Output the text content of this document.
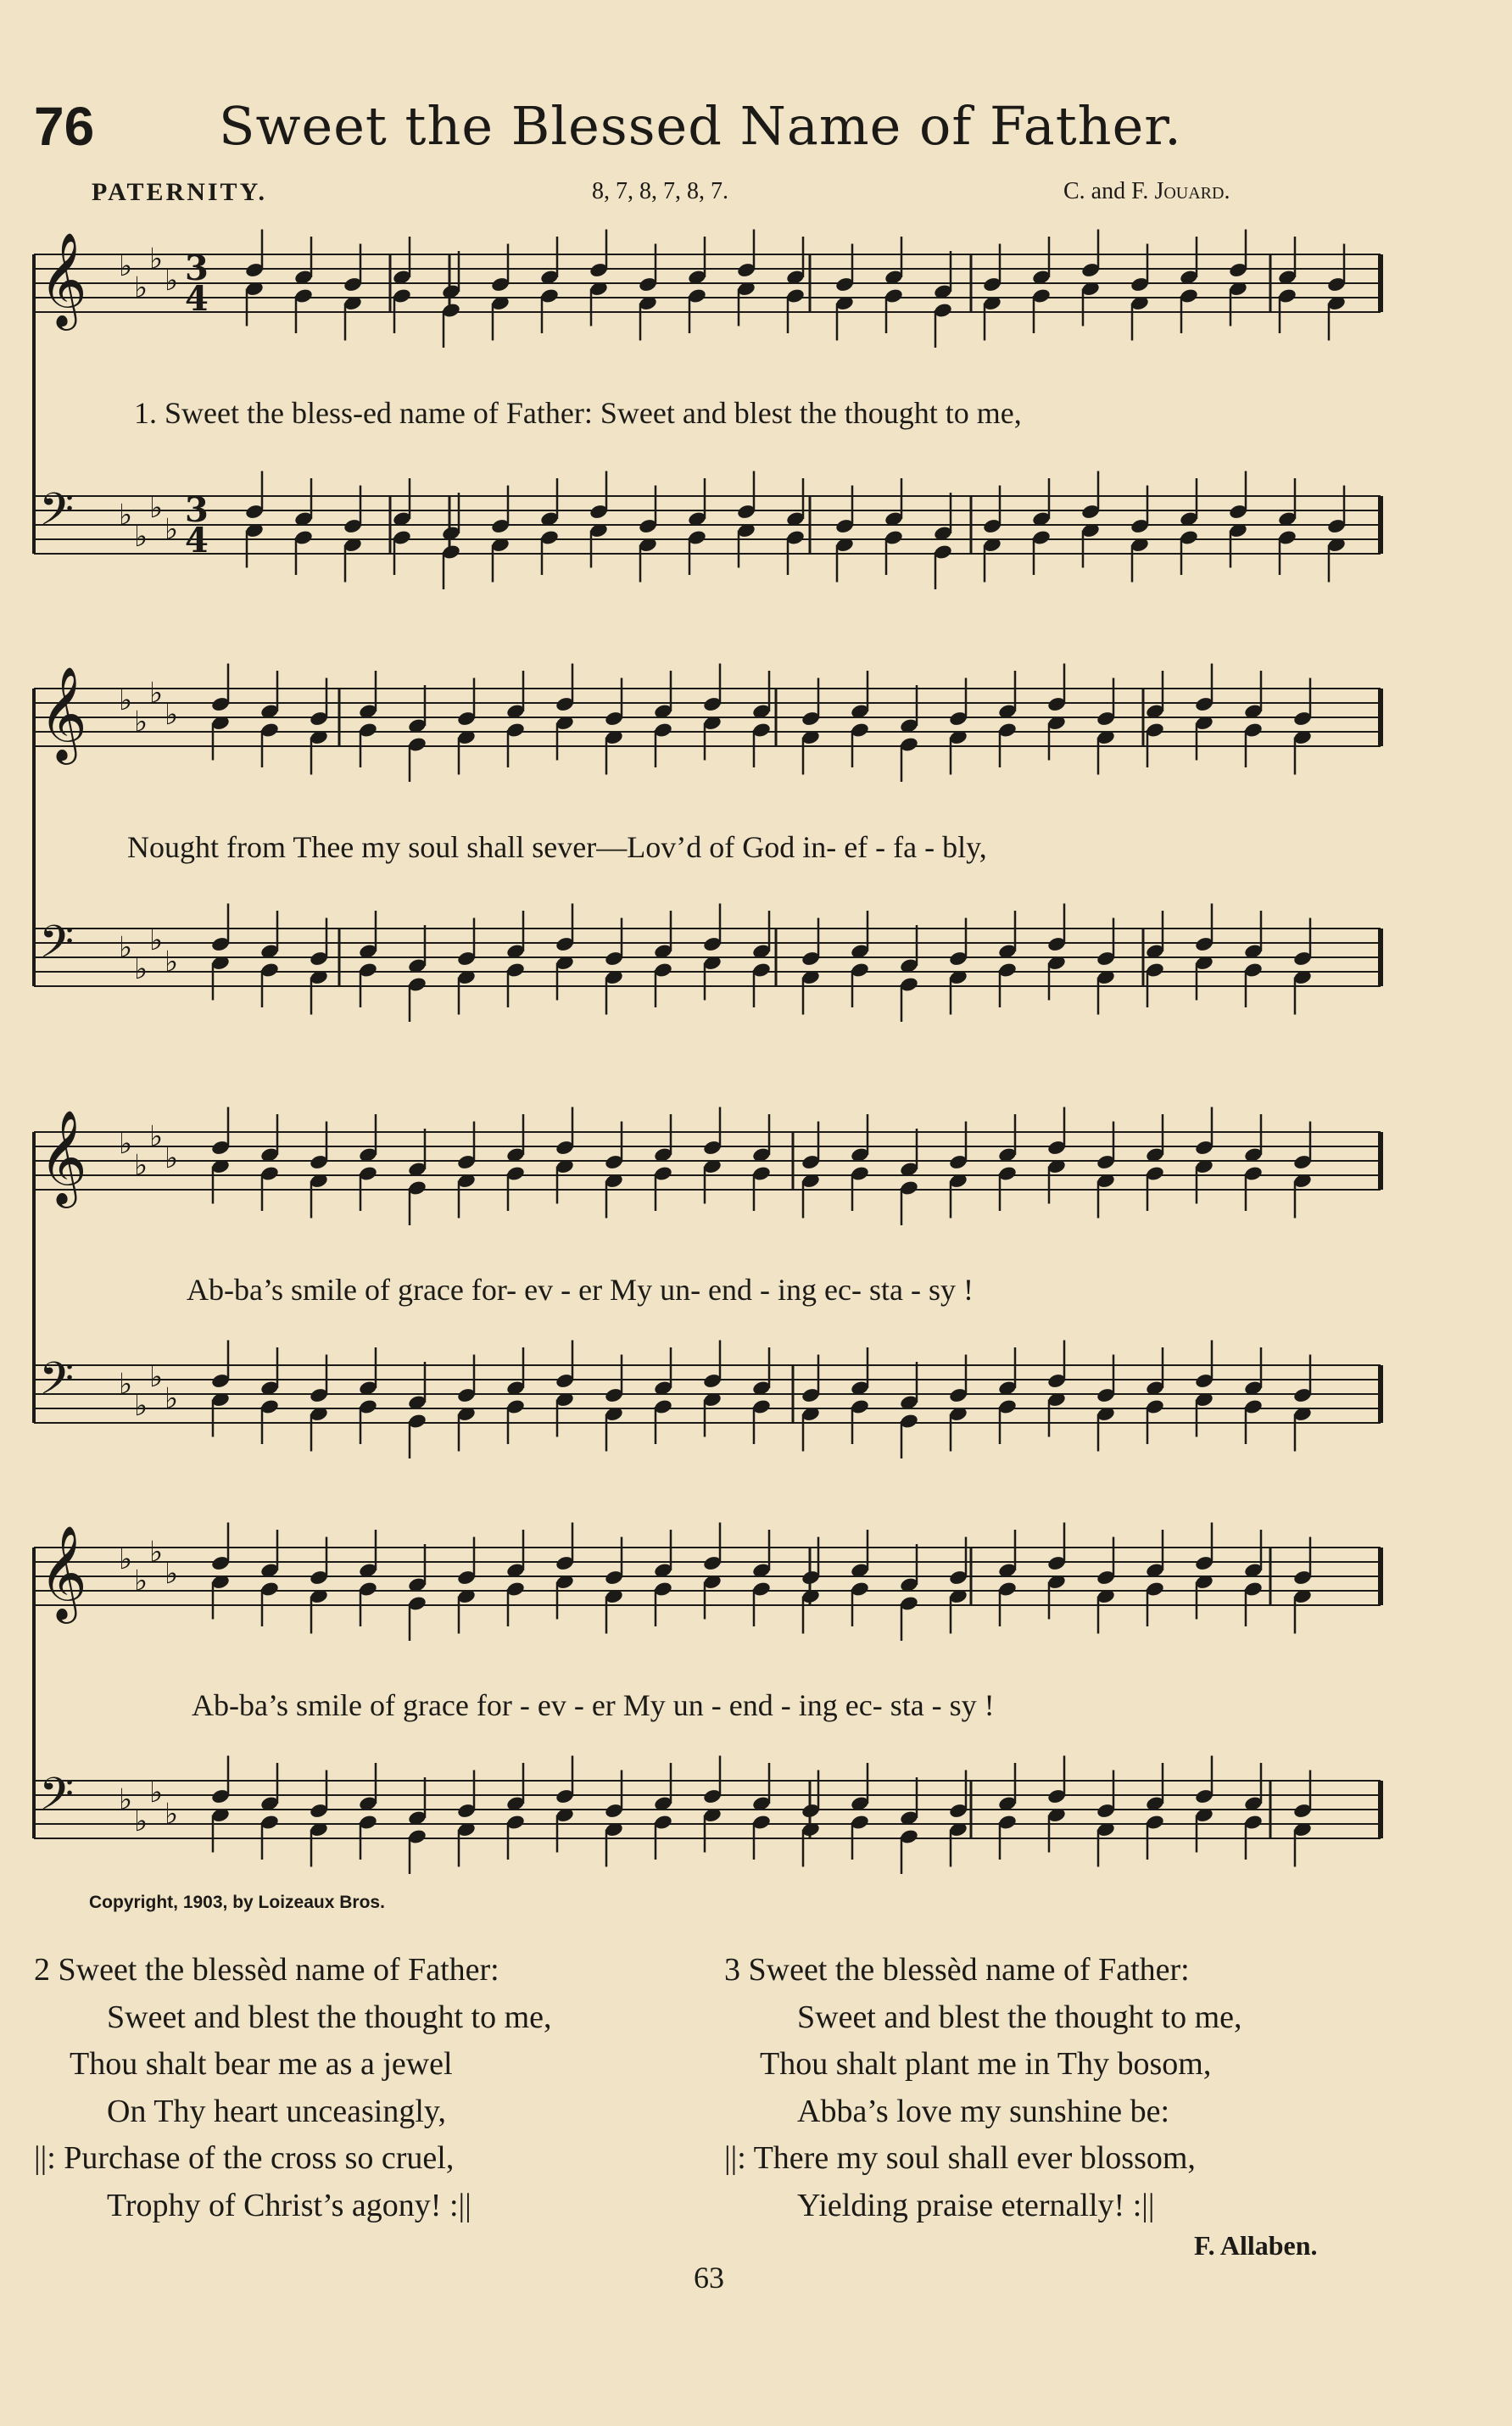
76 Sweet the Blessed Name of Father.
PATERNITY.	8, 7, 8, 7, 8, 7.	C. and F. Jouard.
𝄞 ♭
♭
♭
♭
𝄢 ♭
♭
♭
♭
3
4
3
4
𝄞 ♭
♭
♭
♭
𝄢 ♭
♭
♭
♭
𝄞 ♭
♭
♭
♭
𝄢 ♭
♭
♭
♭
𝄞 ♭
♭
♭
♭
𝄢 ♭
♭
♭
♭
1. Sweet the bless-ed name of Father: Sweet and blest the thought to me,
Nought from Thee my soul shall sever—Lov’d of God in- ef - fa - bly,
Ab-ba’s smile of grace for- ev - er My un- end - ing ec- sta - sy !
Ab-ba’s smile of grace for - ev - er My un - end - ing ec- sta - sy !
Copyright, 1903, by Loizeaux Bros.
2 Sweet the blessèd name of Father:
Sweet and blest the thought to me,
Thou shalt bear me as a jewel
On Thy heart unceasingly,
||: Purchase of the cross so cruel,
Trophy of Christ’s agony! :||
3 Sweet the blessèd name of Father:
Sweet and blest the thought to me,
Thou shalt plant me in Thy bosom,
Abba’s love my sunshine be:
||: There my soul shall ever blossom,
Yielding praise eternally! :||
F. Allaben.
63
